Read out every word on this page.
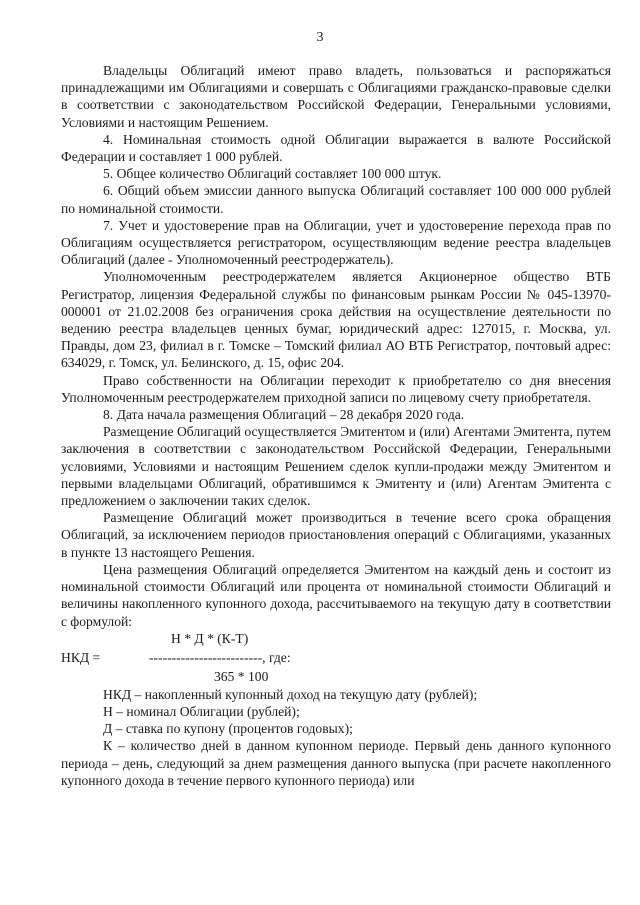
3

Владельцы Облигаций имеют право владеть, пользоваться и распоряжаться принадлежащими им Облигациями и совершать с Облигациями гражданско-правовые сделки в соответствии с законодательством Российской Федерации, Генеральными условиями, Условиями и настоящим Решением.

4. Номинальная стоимость одной Облигации выражается в валюте Российской Федерации и составляет 1 000 рублей.

5. Общее количество Облигаций составляет 100 000 штук.

6. Общий объем эмиссии данного выпуска Облигаций составляет 100 000 000 рублей по номинальной стоимости.

7. Учет и удостоверение прав на Облигации, учет и удостоверение перехода прав по Облигациям осуществляется регистратором, осуществляющим ведение реестра владельцев Облигаций (далее - Уполномоченный реестродержатель).

Уполномоченным реестродержателем является Акционерное общество ВТБ Регистратор, лицензия Федеральной службы по финансовым рынкам России № 045-13970-000001 от 21.02.2008 без ограничения срока действия на осуществление деятельности по ведению реестра владельцев ценных бумаг, юридический адрес: 127015, г. Москва, ул. Правды, дом 23, филиал в г. Томске – Томский филиал АО ВТБ Регистратор, почтовый адрес: 634029, г. Томск, ул. Белинского, д. 15, офис 204.

Право собственности на Облигации переходит к приобретателю со дня внесения Уполномоченным реестродержателем приходной записи по лицевому счету приобретателя.

8. Дата начала размещения Облигаций – 28 декабря 2020 года.

Размещение Облигаций осуществляется Эмитентом и (или) Агентами Эмитента, путем заключения в соответствии с законодательством Российской Федерации, Генеральными условиями, Условиями и настоящим Решением сделок купли-продажи между Эмитентом и первыми владельцами Облигаций, обратившимся к Эмитенту и (или) Агентам Эмитента с предложением о заключении таких сделок.

Размещение Облигаций может производиться в течение всего срока обращения Облигаций, за исключением периодов приостановления операций с Облигациями, указанных в пункте 13 настоящего Решения.

Цена размещения Облигаций определяется Эмитентом на каждый день и состоит из номинальной стоимости Облигаций или процента от номинальной стоимости Облигаций и величины накопленного купонного дохода, рассчитываемого на текущую дату в соответствии с формулой:

Н * Д * (К-Т)
НКД =	-------------------------, где:
365 * 100

НКД – накопленный купонный доход на текущую дату (рублей);

Н – номинал Облигации (рублей);

Д – ставка по купону (процентов годовых);

К – количество дней в данном купонном периоде. Первый день данного купонного периода – день, следующий за днем размещения данного выпуска (при расчете накопленного купонного дохода в течение первого купонного периода) или
